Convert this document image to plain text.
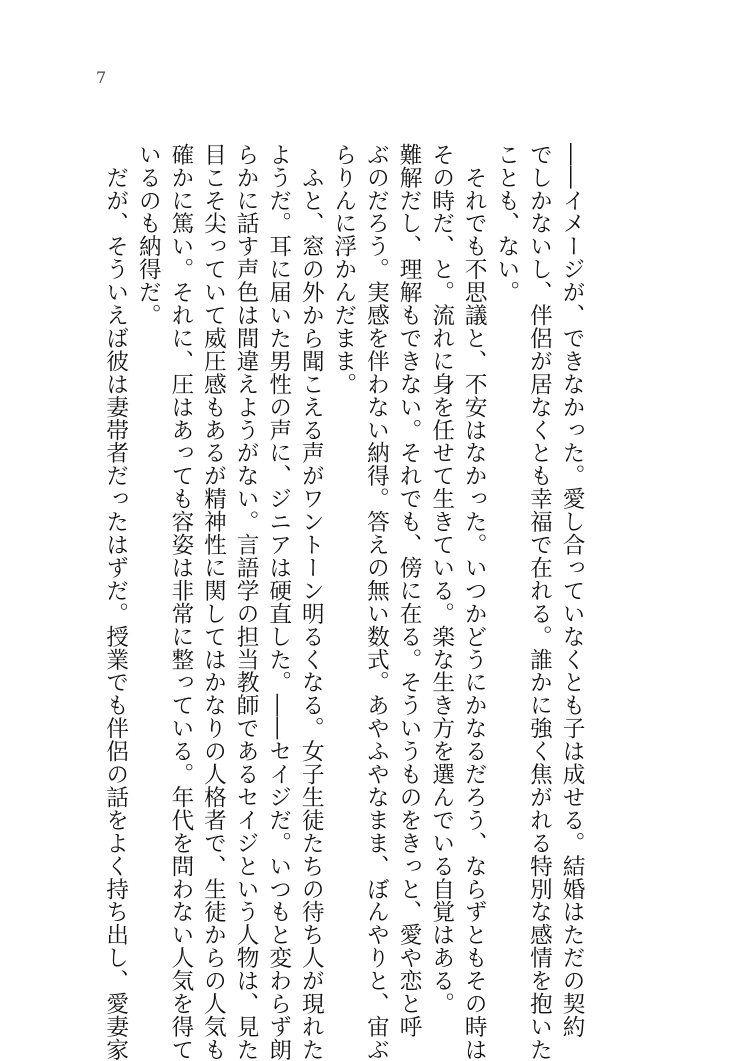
7

――イメージが、できなかった。愛し合っていなくとも子は成せる。結婚はただの契約

でしかないし、伴侶が居なくとも幸福で在れる。誰かに強く焦がれる特別な感情を抱いた

ことも、ない。

　それでも不思議と、不安はなかった。いつかどうにかなるだろう、ならずともその時は

その時だ、と。流れに身を任せて生きている。楽な生き方を選んでいる自覚はある。

難解だし、理解もできない。それでも、傍に在る。そういうものをきっと、愛や恋と呼

ぶのだろう。実感を伴わない納得。答えの無い数式。あやふやなまま、ぼんやりと、宙ぶ

らりんに浮かんだまま。

　ふと、窓の外から聞こえる声がワントーン明るくなる。女子生徒たちの待ち人が現れた

ようだ。耳に届いた男性の声に、ジニアは硬直した。――セイジだ。いつもと変わらず朗

らかに話す声色は間違えようがない。言語学の担当教師であるセイジという人物は、見た

目こそ尖っていて威圧感もあるが精神性に関してはかなりの人格者で、生徒からの人気も

確かに篤い。それに、圧はあっても容姿は非常に整っている。年代を問わない人気を得て

いるのも納得だ。

　だが、そういえば彼は妻帯者だったはずだ。授業でも伴侶の話をよく持ち出し、愛妻家
